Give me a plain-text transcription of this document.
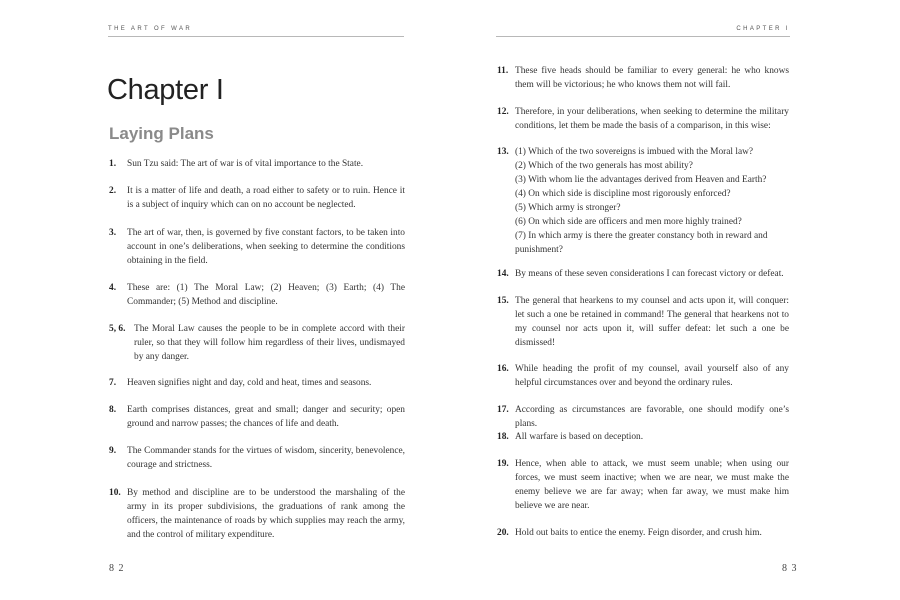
THE ART OF WAR
Chapter I
Laying Plans
1.	Sun Tzu said: The art of war is of vital importance to the State.
2.	It is a matter of life and death, a road either to safety or to ruin. Hence it is a subject of inquiry which can on no account be neglected.
3.	The art of war, then, is governed by five constant factors, to be taken into account in one’s deliberations, when seeking to determine the conditions obtaining in the field.
4.	These are: (1) The Moral Law; (2) Heaven; (3) Earth; (4) The Commander; (5) Method and discipline.
5, 6. The Moral Law causes the people to be in complete accord with their ruler, so that they will follow him regardless of their lives, undismayed by any danger.
7.	Heaven signifies night and day, cold and heat, times and seasons.
8.	Earth comprises distances, great and small; danger and security; open ground and narrow passes; the chances of life and death.
9.	The Commander stands for the virtues of wisdom, sincerity, benevolence, courage and strictness.
10. By method and discipline are to be understood the marshaling of the army in its proper subdivisions, the graduations of rank among the officers, the maintenance of roads by which supplies may reach the army, and the control of military expenditure.
8 2
CHAPTER I
11. These five heads should be familiar to every general: he who knows them will be victorious; he who knows them not will fail.
12. Therefore, in your deliberations, when seeking to determine the military conditions, let them be made the basis of a comparison, in this wise:
13. (1) Which of the two sovereigns is imbued with the Moral law?
(2) Which of the two generals has most ability?
(3) With whom lie the advantages derived from Heaven and Earth?
(4) On which side is discipline most rigorously enforced?
(5) Which army is stronger?
(6) On which side are officers and men more highly trained?
(7) In which army is there the greater constancy both in reward and punishment?
14. By means of these seven considerations I can forecast victory or defeat.
15. The general that hearkens to my counsel and acts upon it, will conquer: let such a one be retained in command! The general that hearkens not to my counsel nor acts upon it, will suffer defeat: let such a one be dismissed!
16. While heading the profit of my counsel, avail yourself also of any helpful circumstances over and beyond the ordinary rules.
17. According as circumstances are favorable, one should modify one’s plans.
18. All warfare is based on deception.
19. Hence, when able to attack, we must seem unable; when using our forces, we must seem inactive; when we are near, we must make the enemy believe we are far away; when far away, we must make him believe we are near.
20. Hold out baits to entice the enemy. Feign disorder, and crush him.
8 3
